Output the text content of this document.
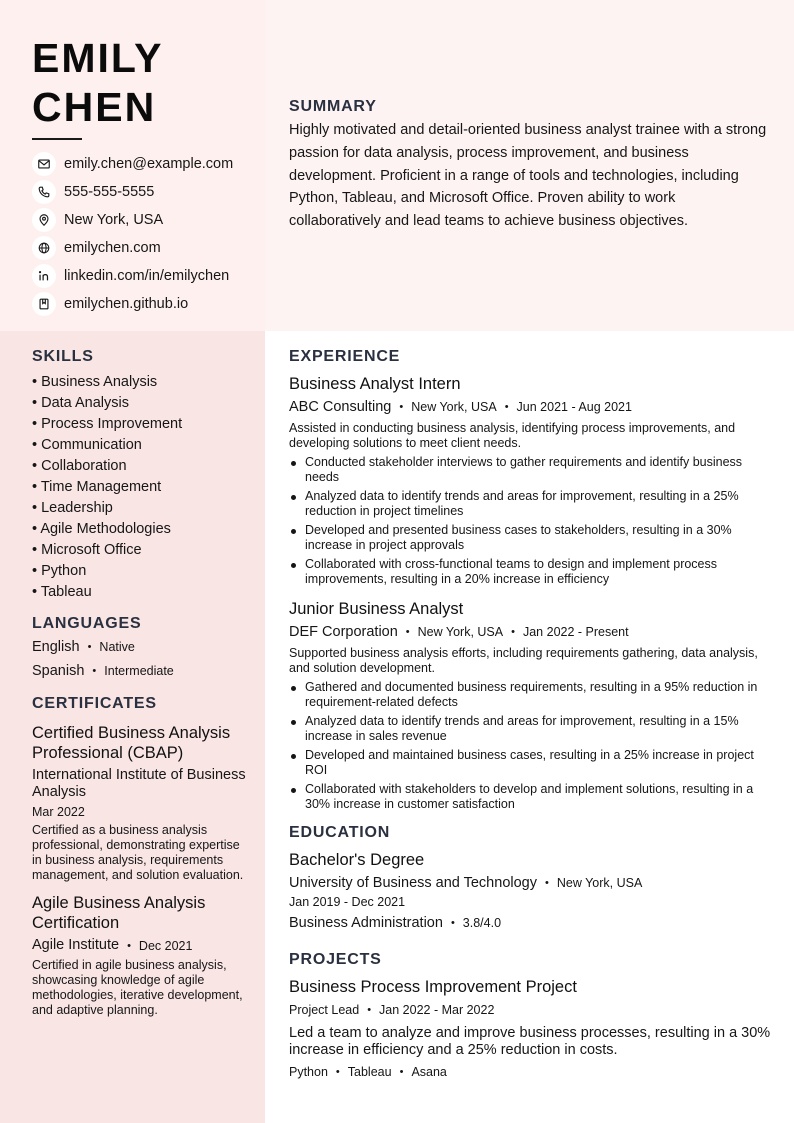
EMILY
CHEN
emily.chen@example.com
555-555-5555
New York, USA
emilychen.com
linkedin.com/in/emilychen
emilychen.github.io
SUMMARY

Highly motivated and detail-oriented business analyst trainee with a strong passion for data analysis, process improvement, and business development. Proficient in a range of tools and technologies, including Python, Tableau, and Microsoft Office. Proven ability to work collaboratively and lead teams to achieve business objectives.

SKILLS
• Business Analysis
• Data Analysis
• Process Improvement
• Communication
• Collaboration
• Time Management
• Leadership
• Agile Methodologies
• Microsoft Office
• Python
• Tableau
LANGUAGES
English • Native
Spanish • Intermediate
CERTIFICATES
Certified Business Analysis Professional (CBAP)
International Institute of Business Analysis
Mar 2022
Certified as a business analysis professional, demonstrating expertise in business analysis, requirements management, and solution evaluation.
Agile Business Analysis Certification
Agile Institute • Dec 2021
Certified in agile business analysis, showcasing knowledge of agile methodologies, iterative development, and adaptive planning.
EXPERIENCE
Business Analyst Intern
ABC Consulting • New York, USA • Jun 2021 - Aug 2021
Assisted in conducting business analysis, identifying process improvements, and developing solutions to meet client needs.
Conducted stakeholder interviews to gather requirements and identify business needs
Analyzed data to identify trends and areas for improvement, resulting in a 25% reduction in project timelines
Developed and presented business cases to stakeholders, resulting in a 30% increase in project approvals
Collaborated with cross-functional teams to design and implement process improvements, resulting in a 20% increase in efficiency
Junior Business Analyst
DEF Corporation • New York, USA • Jan 2022 - Present
Supported business analysis efforts, including requirements gathering, data analysis, and solution development.
Gathered and documented business requirements, resulting in a 95% reduction in requirement-related defects
Analyzed data to identify trends and areas for improvement, resulting in a 15% increase in sales revenue
Developed and maintained business cases, resulting in a 25% increase in project ROI
Collaborated with stakeholders to develop and implement solutions, resulting in a 30% increase in customer satisfaction
EDUCATION
Bachelor's Degree
University of Business and Technology • New York, USA
Jan 2019 - Dec 2021
Business Administration • 3.8/4.0
PROJECTS
Business Process Improvement Project
Project Lead • Jan 2022 - Mar 2022
Led a team to analyze and improve business processes, resulting in a 30% increase in efficiency and a 25% reduction in costs.
Python • Tableau • Asana
